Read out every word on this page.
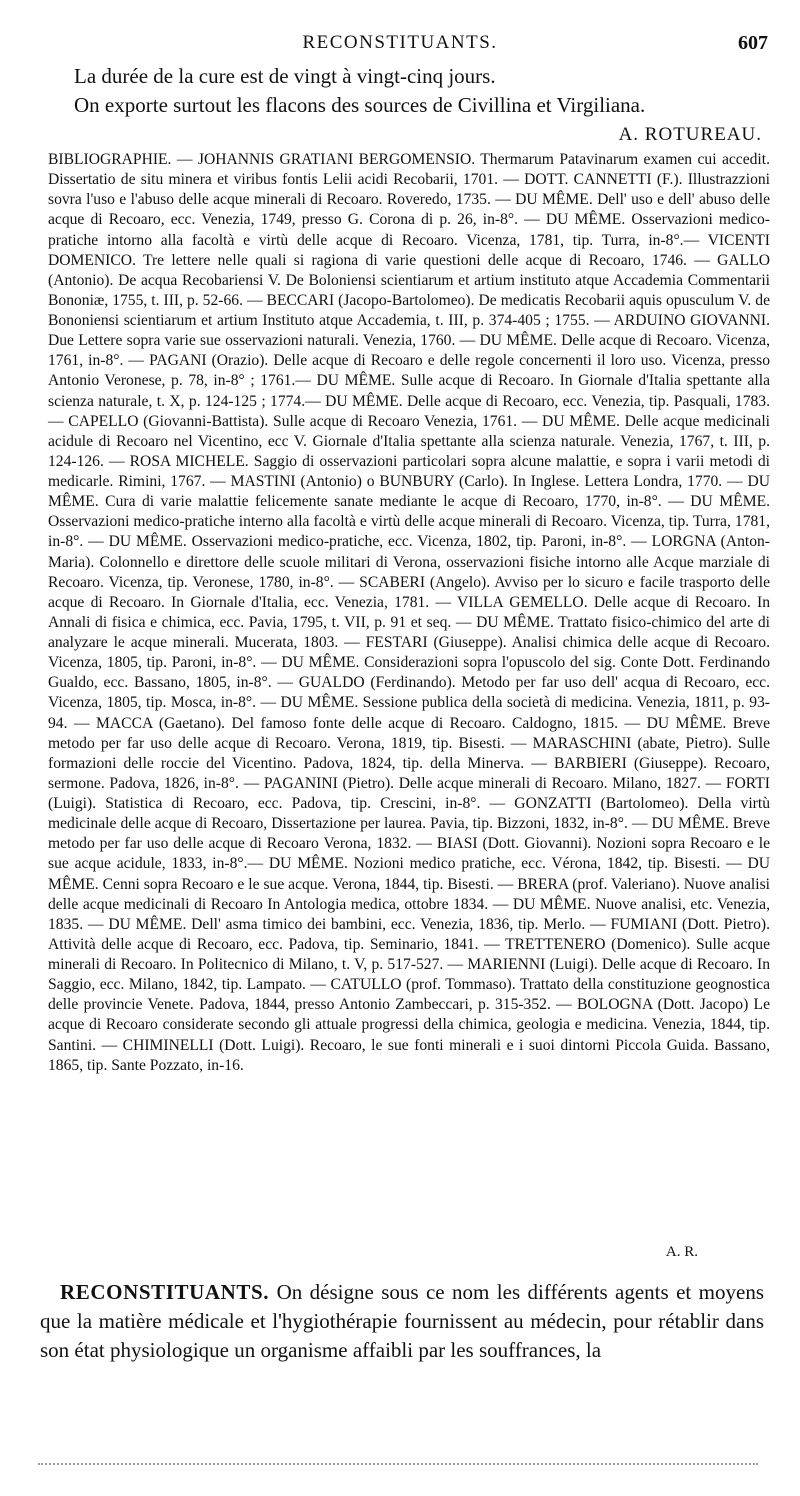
RECONSTITUANTS.	607

La durée de la cure est de vingt à vingt-cinq jours.

On exporte surtout les flacons des sources de Civillina et Virgiliana.

A. ROTUREAU.

BIBLIOGRAPHIE. — JOHANNIS GRATIANI BERGOMENSIO. Thermarum Patavinarum examen cui accedit. Dissertatio de situ minera et viribus fontis Lelii acidi Recobarii, 1701. — DOTT. CANNETTI (F.). Illustrazzioni sovra l'uso e l'abuso delle acque minerali di Recoaro. Roveredo, 1735. — DU MÊME. Dell' uso e dell' abuso delle acque di Recoaro, ecc. Venezia, 1749, presso G. Corona di p. 26, in-8°. — DU MÊME. Osservazioni medico-pratiche intorno alla facoltà e virtù delle acque di Recoaro. Vicenza, 1781, tip. Turra, in-8°.— VICENTI DOMENICO. Tre lettere nelle quali si ragiona di varie questioni delle acque di Recoaro, 1746. — GALLO (Antonio). De acqua Recobariensi V. De Boloniensi scientiarum et artium instituto atque Accademia Commentarii Bononiæ, 1755, t. III, p. 52-66. — BECCARI (Jacopo-Bartolomeo). De medicatis Recobarii aquis opusculum V. de Bononiensi scientiarum et artium Instituto atque Accademia, t. III, p. 374-405 ; 1755. — ARDUINO GIOVANNI. Due Lettere sopra varie sue osservazioni naturali. Venezia, 1760. — DU MÊME. Delle acque di Recoaro. Vicenza, 1761, in-8°. — PAGANI (Orazio). Delle acque di Recoaro e delle regole concernenti il loro uso. Vicenza, presso Antonio Veronese, p. 78, in-8° ; 1761.— DU MÊME. Sulle acque di Recoaro. In Giornale d'Italia spettante alla scienza naturale, t. X, p. 124-125 ; 1774.— DU MÊME. Delle acque di Recoaro, ecc. Venezia, tip. Pasquali, 1783. — CAPELLO (Giovanni-Battista). Sulle acque di Recoaro Venezia, 1761. — DU MÊME. Delle acque medicinali acidule di Recoaro nel Vicentino, ecc V. Giornale d'Italia spettante alla scienza naturale. Venezia, 1767, t. III, p. 124-126. — ROSA MICHELE. Saggio di osservazioni particolari sopra alcune malattie, e sopra i varii metodi di medicarle. Rimini, 1767. — MASTINI (Antonio) o BUNBURY (Carlo). In Inglese. Lettera Londra, 1770. — DU MÊME. Cura di varie malattie felicemente sanate mediante le acque di Recoaro, 1770, in-8°. — DU MÊME. Osservazioni medico-pratiche interno alla facoltà e virtù delle acque minerali di Recoaro. Vicenza, tip. Turra, 1781, in-8°. — DU MÊME. Osservazioni medico-pratiche, ecc. Vicenza, 1802, tip. Paroni, in-8°. — LORGNA (Anton-Maria). Colonnello e direttore delle scuole militari di Verona, osservazioni fisiche intorno alle Acque marziale di Recoaro. Vicenza, tip. Veronese, 1780, in-8°. — SCABERI (Angelo). Avviso per lo sicuro e facile trasporto delle acque di Recoaro. In Giornale d'Italia, ecc. Venezia, 1781. — VILLA GEMELLO. Delle acque di Recoaro. In Annali di fisica e chimica, ecc. Pavia, 1795, t. VII, p. 91 et seq. — DU MÊME. Trattato fisico-chimico del arte di analyzare le acque minerali. Mucerata, 1803. — FESTARI (Giuseppe). Analisi chimica delle acque di Recoaro. Vicenza, 1805, tip. Paroni, in-8°. — DU MÊME. Considerazioni sopra l'opuscolo del sig. Conte Dott. Ferdinando Gualdo, ecc. Bassano, 1805, in-8°. — GUALDO (Ferdinando). Metodo per far uso dell' acqua di Recoaro, ecc. Vicenza, 1805, tip. Mosca, in-8°. — DU MÊME. Sessione publica della società di medicina. Venezia, 1811, p. 93-94. — MACCA (Gaetano). Del famoso fonte delle acque di Recoaro. Caldogno, 1815. — DU MÊME. Breve metodo per far uso delle acque di Recoaro. Verona, 1819, tip. Bisesti. — MARASCHINI (abate, Pietro). Sulle formazioni delle roccie del Vicentino. Padova, 1824, tip. della Minerva. — BARBIERI (Giuseppe). Recoaro, sermone. Padova, 1826, in-8°. — PAGANINI (Pietro). Delle acque minerali di Recoaro. Milano, 1827. — FORTI (Luigi). Statistica di Recoaro, ecc. Padova, tip. Crescini, in-8°. — GONZATTI (Bartolomeo). Della virtù medicinale delle acque di Recoaro, Dissertazione per laurea. Pavia, tip. Bizzoni, 1832, in-8°. — DU MÊME. Breve metodo per far uso delle acque di Recoaro Verona, 1832. — BIASI (Dott. Giovanni). Nozioni sopra Recoaro e le sue acque acidule, 1833, in-8°.— DU MÊME. Nozioni medico pratiche, ecc. Vérona, 1842, tip. Bisesti. — DU MÊME. Cenni sopra Recoaro e le sue acque. Verona, 1844, tip. Bisesti. — BRERA (prof. Valeriano). Nuove analisi delle acque medicinali di Recoaro In Antologia medica, ottobre 1834. — DU MÊME. Nuove analisi, etc. Venezia, 1835. — DU MÊME. Dell' asma timico dei bambini, ecc. Venezia, 1836, tip. Merlo. — FUMIANI (Dott. Pietro). Attività delle acque di Recoaro, ecc. Padova, tip. Seminario, 1841. — TRETTENERO (Domenico). Sulle acque minerali di Recoaro. In Politecnico di Milano, t. V, p. 517-527. — MARIENNI (Luigi). Delle acque di Recoaro. In Saggio, ecc. Milano, 1842, tip. Lampato. — CATULLO (prof. Tommaso). Trattato della constituzione geognostica delle provincie Venete. Padova, 1844, presso Antonio Zambeccari, p. 315-352. — BOLOGNA (Dott. Jacopo) Le acque di Recoaro considerate secondo gli attuale progressi della chimica, geologia e medicina. Venezia, 1844, tip. Santini. — CHIMINELLI (Dott. Luigi). Recoaro, le sue fonti minerali e i suoi dintorni Piccola Guida. Bassano, 1865, tip. Sante Pozzato, in-16.

A. R.

RECONSTITUANTS. On désigne sous ce nom les différents agents et moyens que la matière médicale et l'hygiothérapie fournissent au médecin, pour rétablir dans son état physiologique un organisme affaibli par les souffrances, la
